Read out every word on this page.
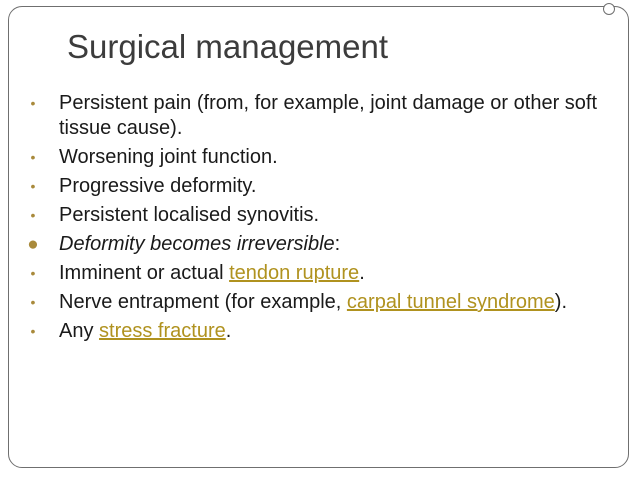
Surgical management
• Persistent pain (from, for example, joint damage or other soft tissue cause).
• Worsening joint function.
• Progressive deformity.
• Persistent localised synovitis.
● Deformity becomes irreversible:
• Imminent or actual tendon rupture.
• Nerve entrapment (for example, carpal tunnel syndrome).
• Any stress fracture.
